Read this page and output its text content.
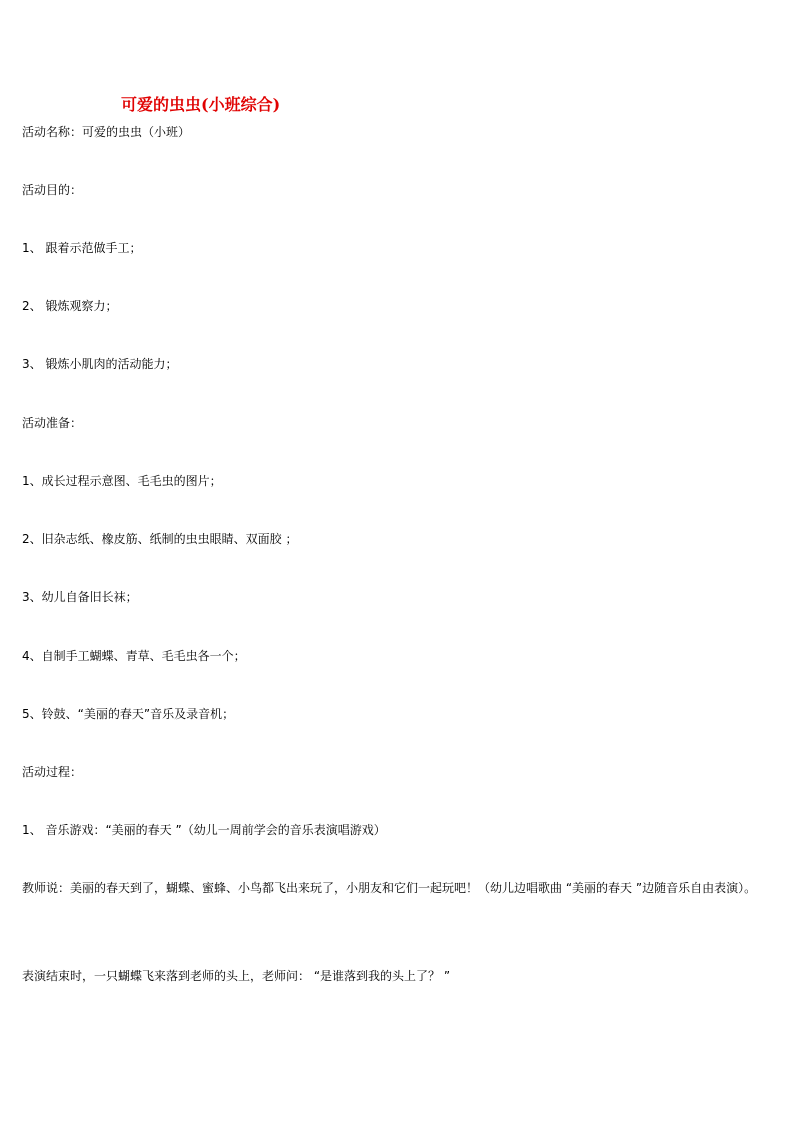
可爱的虫虫(小班综合)
活动名称：可爱的虫虫（小班）
活动目的：
1、 跟着示范做手工；
2、 锻炼观察力；
3、 锻炼小肌肉的活动能力；
活动准备：
1、成长过程示意图、毛毛虫的图片；
2、旧杂志纸、橡皮筋、纸制的虫虫眼睛、双面胶 ；
3、幼儿自备旧长袜；
4、自制手工蝴蝶、青草、毛毛虫各一个；
5、铃鼓、“美丽的春天”音乐及录音机；
活动过程：
1、 音乐游戏：“美丽的春天 ”（幼儿一周前学会的音乐表演唱游戏）
教师说：美丽的春天到了，蝴蝶、蜜蜂、小鸟都飞出来玩了，小朋友和它们一起玩吧！（幼儿边唱歌曲 “美丽的春天 ”边随音乐自由表演）。
表演结束时，一只蝴蝶飞来落到老师的头上，老师问： “是谁落到我的头上了？ ”
